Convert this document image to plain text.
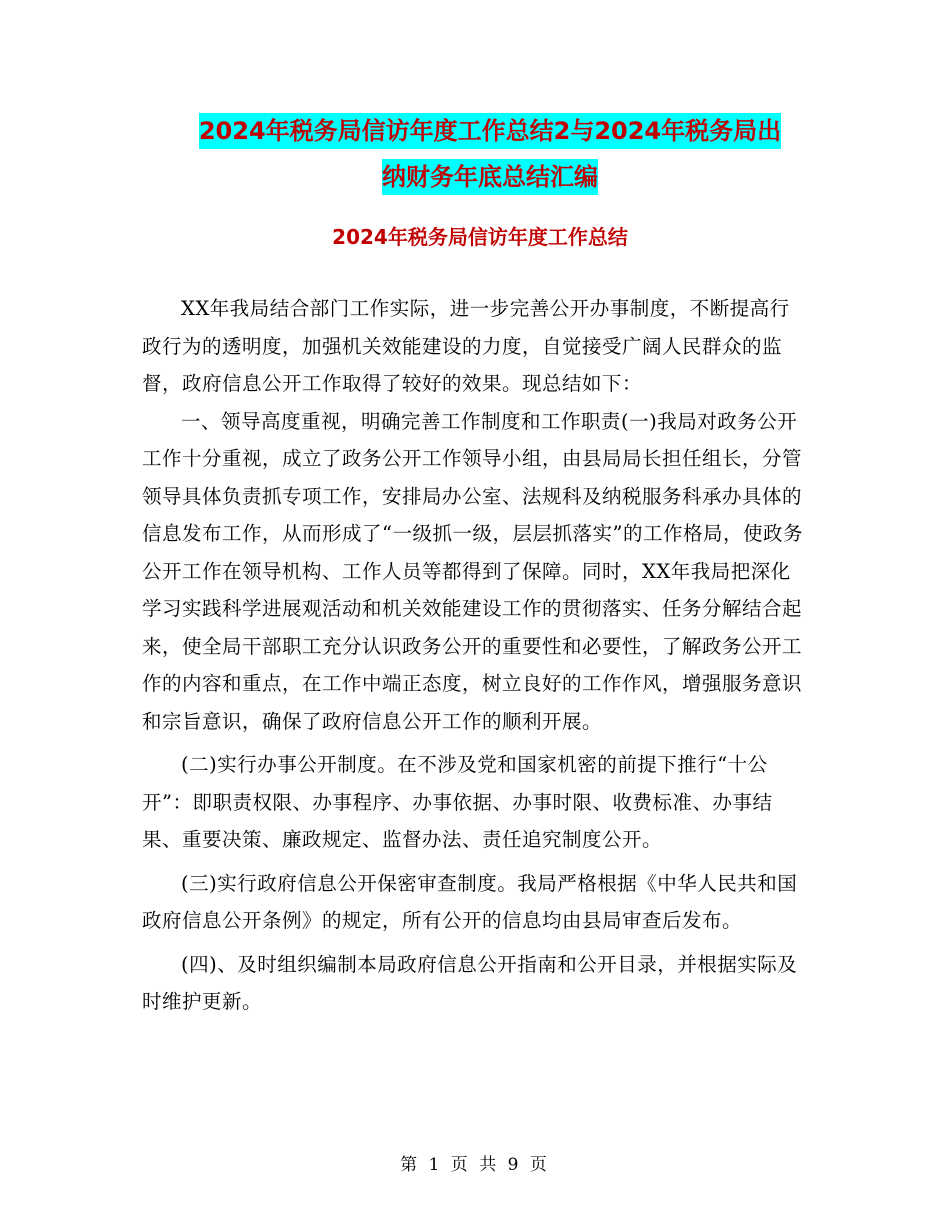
2024年税务局信访年度工作总结2与2024年税务局出
纳财务年底总结汇编
2024年税务局信访年度工作总结

XX年我局结合部门工作实际，进一步完善公开办事制度，不断提高行政行为的透明度，加强机关效能建设的力度，自觉接受广阔人民群众的监督，政府信息公开工作取得了较好的效果。现总结如下：

一、领导高度重视，明确完善工作制度和工作职责(一)我局对政务公开工作十分重视，成立了政务公开工作领导小组，由县局局长担任组长，分管领导具体负责抓专项工作，安排局办公室、法规科及纳税服务科承办具体的信息发布工作，从而形成了“一级抓一级，层层抓落实”的工作格局，使政务公开工作在领导机构、工作人员等都得到了保障。同时，XX年我局把深化学习实践科学进展观活动和机关效能建设工作的贯彻落实、任务分解结合起来，使全局干部职工充分认识政务公开的重要性和必要性，了解政务公开工作的内容和重点，在工作中端正态度，树立良好的工作作风，增强服务意识和宗旨意识，确保了政府信息公开工作的顺利开展。

(二)实行办事公开制度。在不涉及党和国家机密的前提下推行“十公开”：即职责权限、办事程序、办事依据、办事时限、收费标准、办事结果、重要决策、廉政规定、监督办法、责任追究制度公开。

(三)实行政府信息公开保密审查制度。我局严格根据《中华人民共和国政府信息公开条例》的规定，所有公开的信息均由县局审查后发布。

(四)、及时组织编制本局政府信息公开指南和公开目录，并根据实际及时维护更新。

第 1 页 共 9 页
